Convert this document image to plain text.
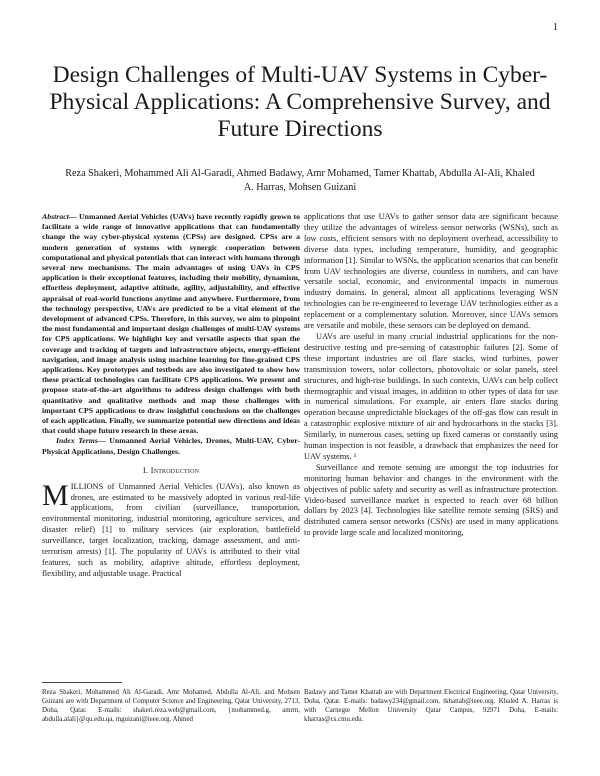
1
Design Challenges of Multi-UAV Systems in Cyber-Physical Applications: A Comprehensive Survey, and Future Directions
Reza Shakeri, Mohammed Ali Al-Garadi, Ahmed Badawy, Amr Mohamed, Tamer Khattab, Abdulla Al-Ali, Khaled A. Harras, Mohsen Guizani

Abstract— Unmanned Aerial Vehicles (UAVs) have recently rapidly grown to facilitate a wide range of innovative applications that can fundamentally change the way cyber-physical systems (CPSs) are designed. CPSs are a modern generation of systems with synergic cooperation between computational and physical potentials that can interact with humans through several new mechanisms. The main advantages of using UAVs in CPS application is their exceptional features, including their mobility, dynamism, effortless deployment, adaptive altitude, agility, adjustability, and effective appraisal of real-world functions anytime and anywhere. Furthermore, from the technology perspective, UAVs are predicted to be a vital element of the development of advanced CPSs. Therefore, in this survey, we aim to pinpoint the most fundamental and important design challenges of multi-UAV systems for CPS applications. We highlight key and versatile aspects that span the coverage and tracking of targets and infrastructure objects, energy-efficient navigation, and image analysis using machine learning for fine-grained CPS applications. Key prototypes and testbeds are also investigated to show how these practical technologies can facilitate CPS applications. We present and propose state-of-the-art algorithms to address design challenges with both quantitative and qualitative methods and map these challenges with important CPS applications to draw insightful conclusions on the challenges of each application. Finally, we summarize potential new directions and ideas that could shape future research in these areas.

Index Terms— Unmanned Aerial Vehicles, Drones, Multi-UAV, Cyber-Physical Applications, Design Challenges.

I. Introduction

MILLIONS of Unmanned Aerial Vehicles (UAVs), also known as drones, are estimated to be massively adopted in various real-life applications, from civilian (surveillance, transportation, environmental monitoring, industrial monitoring, agriculture services, and disaster relief) [1] to military services (air exploration, battlefield surveillance, target localization, tracking, damage assessment, and anti-terrorism arrests) [1]. The popularity of UAVs is attributed to their vital features, such as mobility, adaptive altitude, effortless deployment, flexibility, and adjustable usage. Practical

applications that use UAVs to gather sensor data are significant because they utilize the advantages of wireless sensor networks (WSNs), such as low costs, efficient sensors with no deployment overhead, accessibility to diverse data types, including temperature, humidity, and geographic information [1]. Similar to WSNs, the application scenarios that can benefit from UAV technologies are diverse, countless in numbers, and can have versatile social, economic, and environmental impacts in numerous industry domains. In general, almost all applications leveraging WSN technologies can be re-engineered to leverage UAV technologies either as a replacement or a complementary solution. Moreover, since UAVs sensors are versatile and mobile, these sensors can be deployed on demand.

UAVs are useful in many crucial industrial applications for the non-destructive testing and pre-sensing of catastrophic failures [2]. Some of these important industries are oil flare stacks, wind turbines, power transmission towers, solar collectors, photovoltaic or solar panels, steel structures, and high-rise buildings. In such contexts, UAVs can help collect thermographic and visual images, in addition to other types of data for use in numerical simulations. For example, air enters flare stacks during operation because unpredictable blockages of the off-gas flow can result in a catastrophic explosive mixture of air and hydrocarbons in the stacks [3]. Similarly, in numerous cases, setting up fixed cameras or constantly using human inspection is not feasible, a drawback that emphasizes the need for UAV systems. ¹

Surveillance and remote sensing are amongst the top industries for monitoring human behavior and changes in the environment with the objectives of public safety and security as well as infrastructure protection. Video-based surveillance market is expected to reach over 68 billion dollars by 2023 [4]. Technologies like satellite remote sensing (SRS) and distributed camera sensor networks (CSNs) are used in many applications to provide large scale and localized monitoring,

Reza Shakeri, Mohammed Ali Al-Garadi, Amr Mohamed, Abdulla Al-Ali, and Mohsen Guizani are with Department of Computer Science and Engineering, Qatar University, 2713, Doha, Qatar. E-mails: shakeri.reza.web@gmail.com, {mohammed.g, amrm, abdulla.alali}@qu.edu.qa, mguizani@ieee.org. Ahmed
Badawy and Tamer Khattab are with Department Electrical Engineering, Qatar University, Doha, Qatar. E-mails: badawy234@gmail.com, tkhattab@ieee.org. Khaled A. Harras is with Carnegie Mellon University Qatar Campus, 92971 Doha, E-mails: kharras@cs.cmu.edu.
